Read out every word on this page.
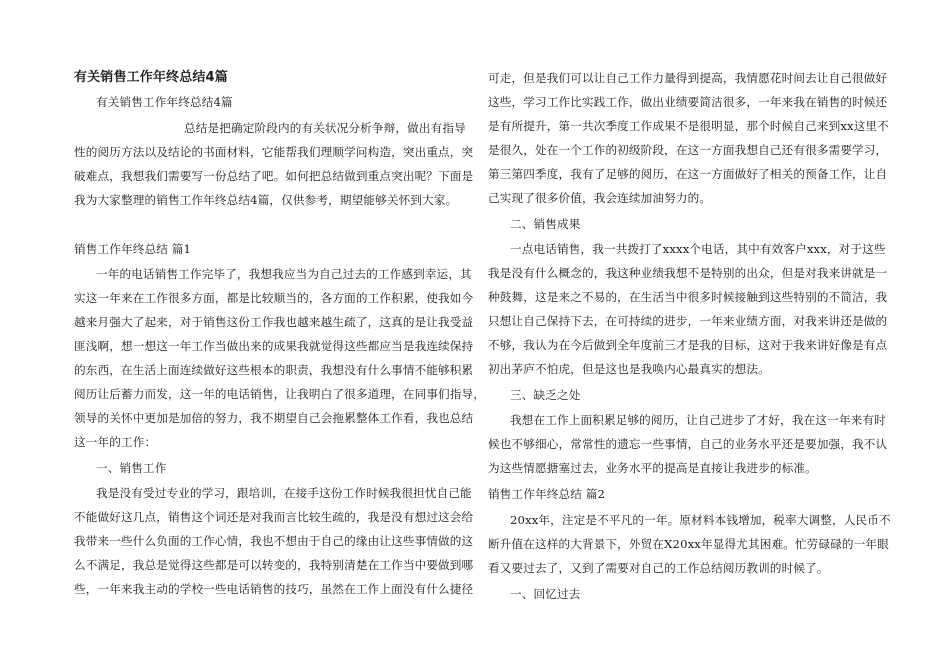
有关销售工作年终总结4篇
有关销售工作年终总结4篇
总结是把确定阶段内的有关状况分析争辩，做出有指导
性的阅历方法以及结论的书面材料，它能帮我们理顺学问构造，突出重点，突
破难点，我想我们需要写一份总结了吧。如何把总结做到重点突出呢？下面是
我为大家整理的销售工作年终总结4篇，仅供参考，期望能够关怀到大家。
销售工作年终总结 篇1
一年的电话销售工作完毕了，我想我应当为自己过去的工作感到幸运，其
实这一年来在工作很多方面，都是比较顺当的，各方面的工作积累，使我如今
越来月强大了起来，对于销售这份工作我也越来越生疏了，这真的是让我受益
匪浅啊，想一想这一年工作当做出来的成果我就觉得这些都应当是我连续保持
的东西，在生活上面连续做好这些根本的职责，我想没有什么事情不能够积累
阅历让后蓄力而发，这一年的电话销售，让我明白了很多道理，在同事们指导，
领导的关怀中更加是加倍的努力，我不期望自己会拖累整体工作看，我也总结
这一年的工作：
一、销售工作
我是没有受过专业的学习，跟培训，在接手这份工作时候我很担忧自己能
不能做好这几点，销售这个词还是对我而言比较生疏的，我是没有想过这会给
我带来一些什么负面的工作心情，我也不想由于自己的缘由让这些事情做的这
么不满足，我总是觉得这些都是可以转变的，我特别清楚在工作当中要做到哪
些，一年来我主动的学校一些电话销售的技巧，虽然在工作上面没有什么捷径
可走，但是我们可以让自己工作力量得到提高，我情愿花时间去让自己很做好
这些，学习工作比实践工作，做出业绩要简洁很多，一年来我在销售的时候还
是有所提升，第一共次季度工作成果不是很明显，那个时候自己来到xx这里不
是很久，处在一个工作的初级阶段，在这一方面我想自己还有很多需要学习，
第三第四季度，我有了足够的阅历，在这一方面做好了相关的预备工作，让自
己实现了很多价值，我会连续加油努力的。
二、销售成果
一点电话销售，我一共拨打了xxxx个电话，其中有效客户xxx，对于这些
我是没有什么概念的，我这种业绩我想不是特别的出众，但是对我来讲就是一
种鼓舞，这是来之不易的，在生活当中很多时候接触到这些特别的不简洁，我
只想让自己保持下去，在可持续的进步，一年来业绩方面，对我来讲还是做的
不够，我认为在今后做到全年度前三才是我的目标，这对于我来讲好像是有点
初出茅庐不怕虎，但是这也是我唤内心最真实的想法。
三、缺乏之处
我想在工作上面积累足够的阅历，让自己进步了才好，我在这一年来有时
候也不够细心，常常性的遗忘一些事情，自己的业务水平还是要加强，我不认
为这些情愿搪塞过去，业务水平的提高是直接让我进步的标准。
销售工作年终总结 篇2
20xx年，注定是不平凡的一年。原材料本钱增加，税率大调整，人民币不
断升值在这样的大背景下，外贸在X20xx年显得尤其困难。忙劳碌碌的一年眼
看又要过去了，又到了需要对自己的工作总结阅历教训的时候了。
一、回忆过去
